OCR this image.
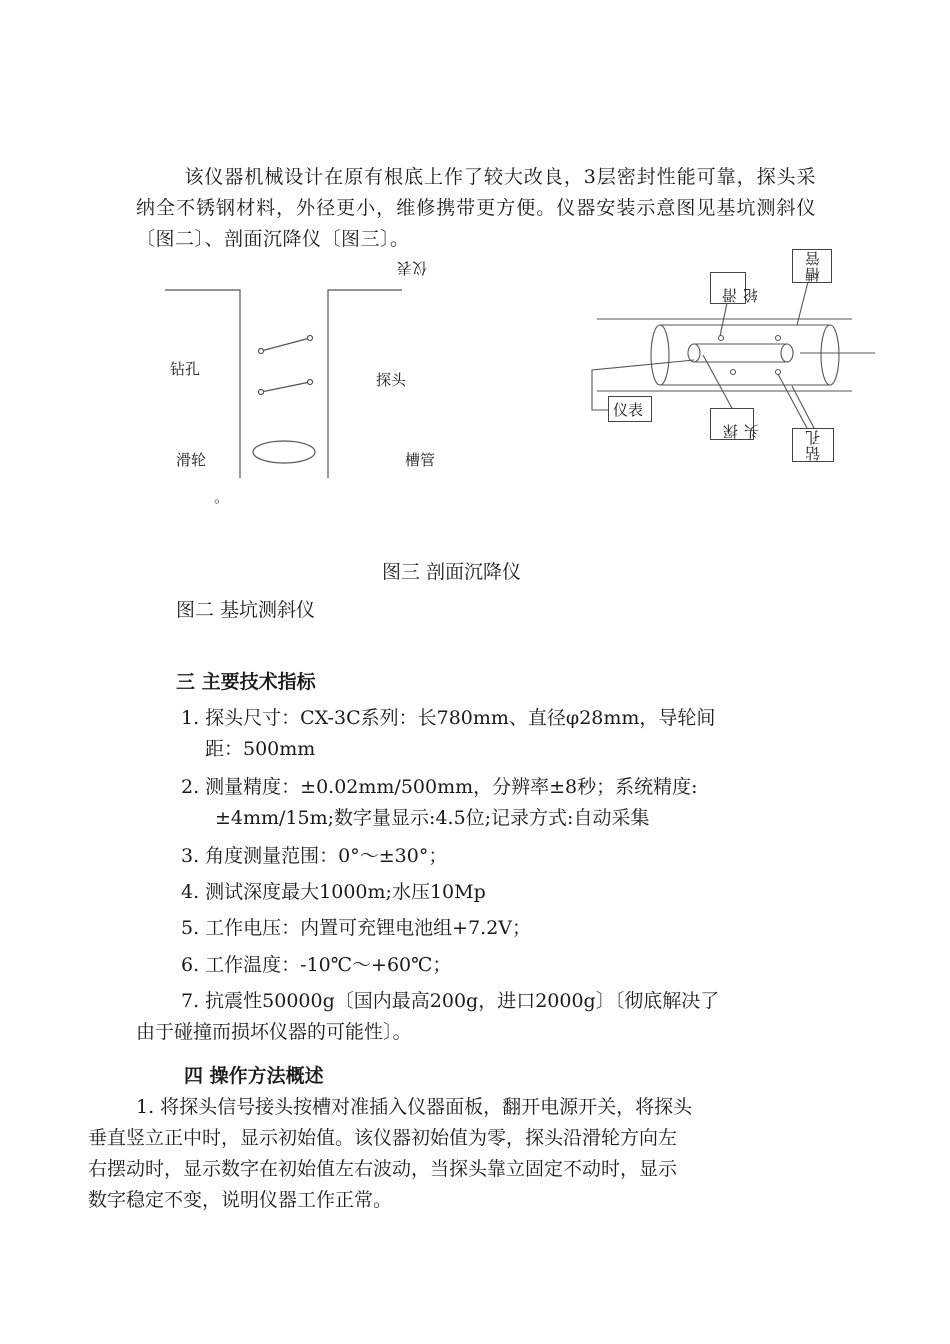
该仪器机械设计在原有根底上作了较大改良，3层密封性能可靠，探头采纳全不锈钢材料，外径更小，维修携带更方便。仪器安装示意图见基坑测斜仪〔图二〕、剖面沉降仪〔图三〕。
仪表
钻孔
探头
滑轮	槽管
。
滑轮
槽管
仪表
探头	钻孔
图三 剖面沉降仪
图二 基坑测斜仪
三 主要技术指标
1. 探头尺寸：CX-3C系列：长780mm、直径φ28mm，导轮间
距：500mm
2. 测量精度：±0.02mm/500mm，分辨率±8秒；系统精度:
±4mm/15m;数字量显示:4.5位;记录方式:自动采集
3. 角度测量范围：0°～±30°；
4. 测试深度最大1000m;水压10Mp
5. 工作电压：内置可充锂电池组+7.2V；
6. 工作温度：-10℃～+60℃；
7. 抗震性50000g〔国内最高200g，进口2000g〕〔彻底解决了
由于碰撞而损坏仪器的可能性〕。
四 操作方法概述
1. 将探头信号接头按槽对准插入仪器面板，翻开电源开关，将探头
垂直竖立正中时，显示初始值。该仪器初始值为零，探头沿滑轮方向左
右摆动时，显示数字在初始值左右波动，当探头靠立固定不动时，显示
数字稳定不变，说明仪器工作正常。
